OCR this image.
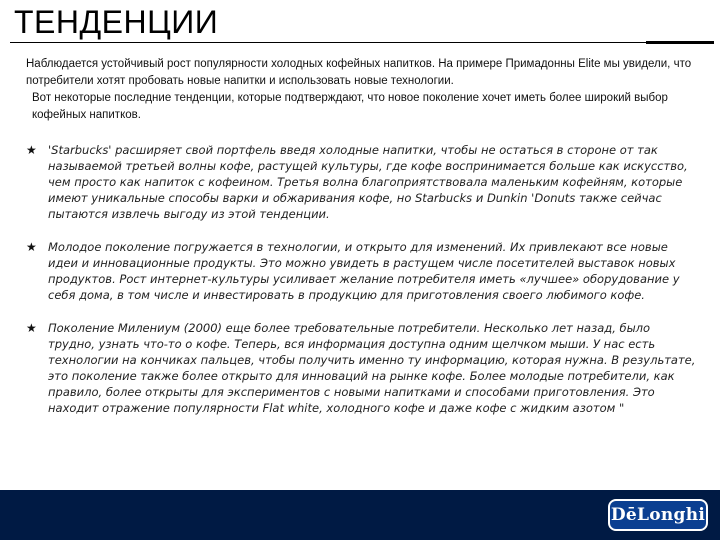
ТЕНДЕНЦИИ

Наблюдается устойчивый рост популярности холодных кофейных напитков. На примере Примадонны Elite мы увидели, что потребители хотят пробовать новые напитки и использовать новые технологии.

Вот некоторые последние тенденции, которые подтверждают, что новое поколение хочет иметь более широкий выбор кофейных напитков.

★ 'Starbucks' расширяет свой портфель введя холодные напитки, чтобы не остаться в стороне от так называемой третьей волны кофе, растущей культуры, где кофе воспринимается больше как искусство, чем просто как напиток с кофеином. Третья волна благоприятствовала маленьким кофейням, которые имеют уникальные способы варки и обжаривания кофе, но Starbucks и Dunkin 'Donuts также сейчас пытаются извлечь выгоду из этой тенденции.
★ Молодое поколение погружается в технологии, и открыто для изменений. Их привлекают все новые идеи и инновационные продукты. Это можно увидеть в растущем числе посетителей выставок новых продуктов. Рост интернет-культуры усиливает желание потребителя иметь «лучшее» оборудование у себя дома, в том числе и инвестировать в продукцию для приготовления своего любимого кофе.
★ Поколение Милениум (2000) еще более требовательные потребители. Несколько лет назад, было трудно, узнать что-то о кофе. Теперь, вся информация доступна одним щелчком мыши. У нас есть технологии на кончиках пальцев, чтобы получить именно ту информацию, которая нужна. В результате, это поколение также более открыто для инноваций на рынке кофе. Более молодые потребители, как правило, более открыты для экспериментов с новыми напитками и способами приготовления. Это находит отражение популярности Flat white, холодного кофе и даже кофе с жидким азотом "
DēLonghi
